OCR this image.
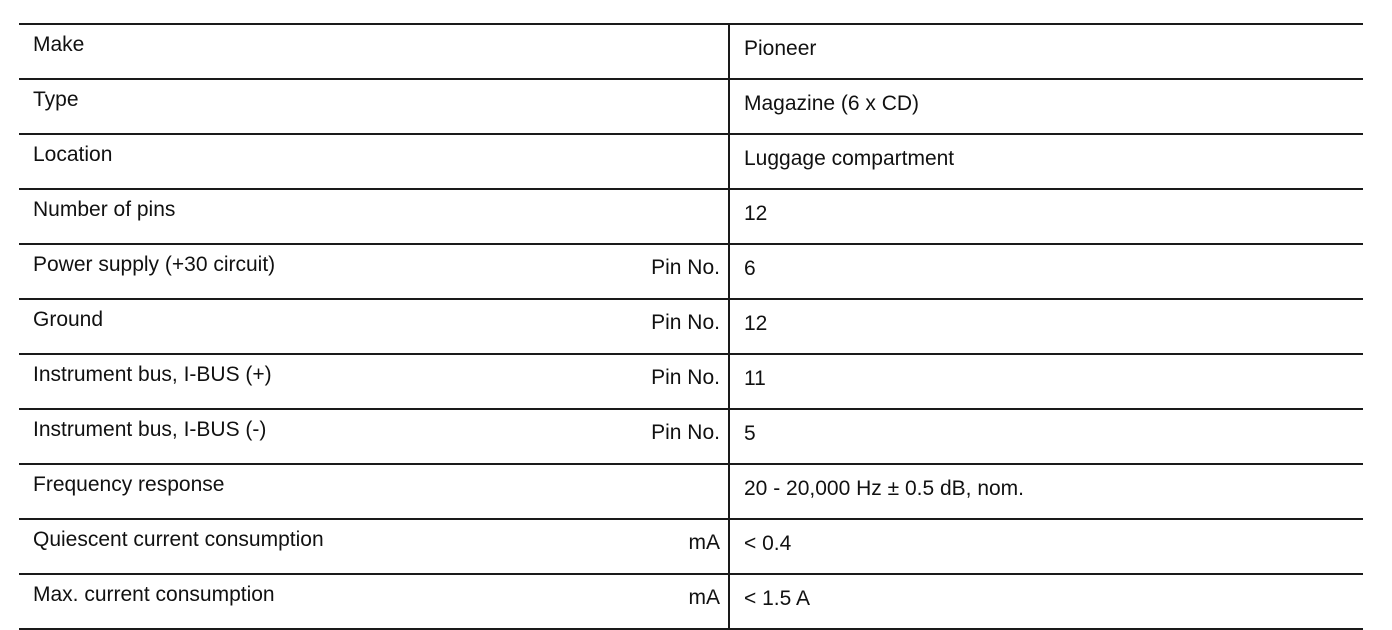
Make		Pioneer
Type		Magazine (6 x CD)
Location		Luggage compartment
Number of pins		12
Power supply (+30 circuit)	Pin No.	6
Ground	Pin No.	12
Instrument bus, I-BUS (+)	Pin No.	11
Instrument bus, I-BUS (-)	Pin No.	5
Frequency response		20 - 20,000 Hz ± 0.5 dB, nom.
Quiescent current consumption	mA	< 0.4
Max. current consumption	mA	< 1.5 A
